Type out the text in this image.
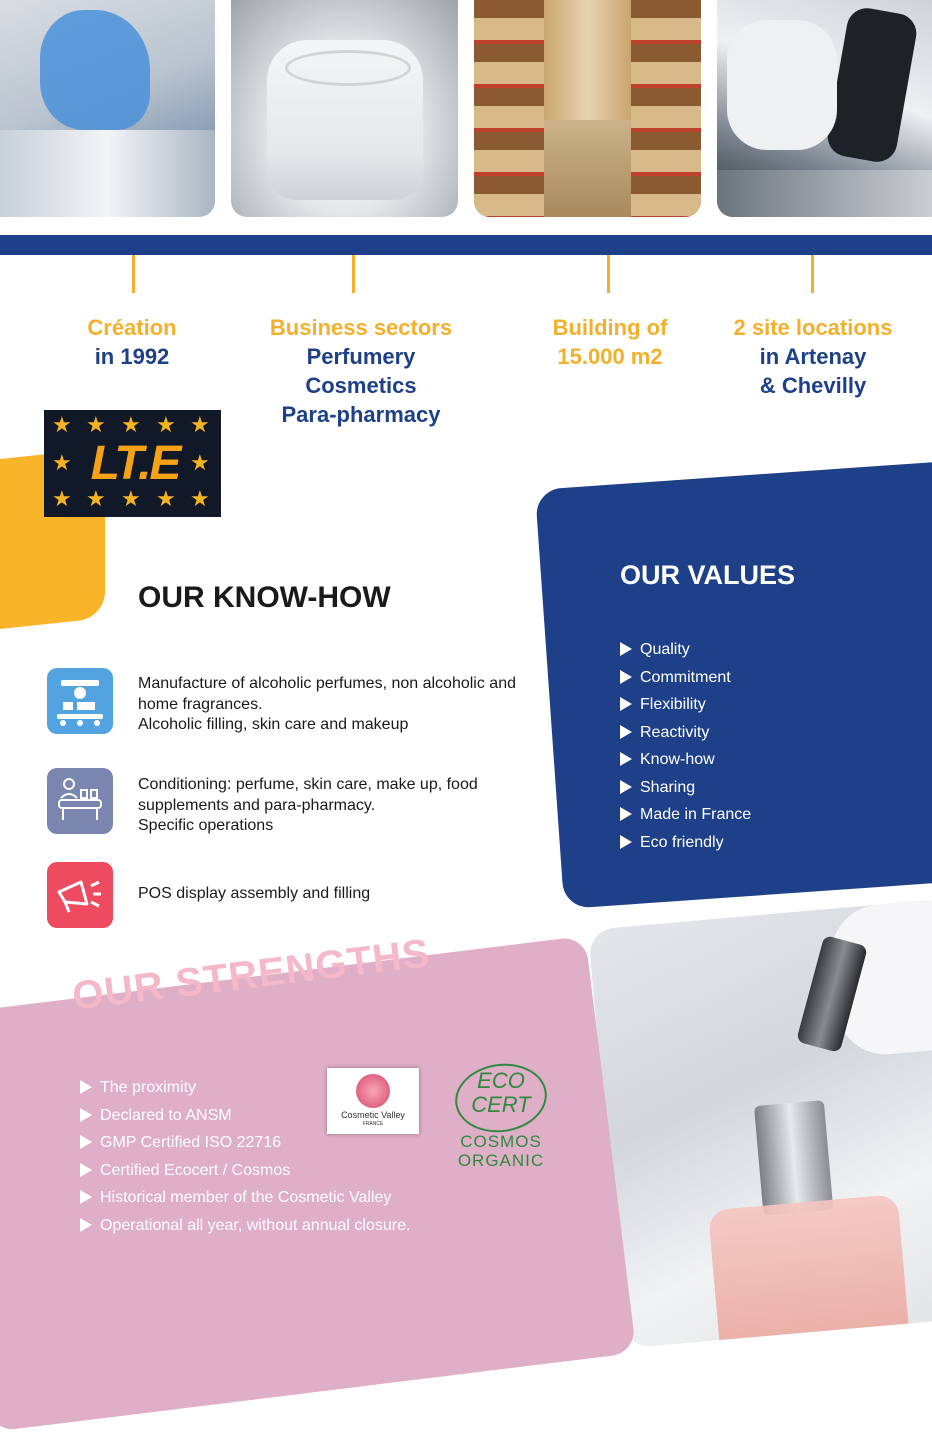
Création
in 1992
Business sectors
Perfumery
Cosmetics
Para-pharmacy
Building of
15.000 m2
2 site locations
in Artenay
& Chevilly
★ ★ ★ ★ ★
★	★
★ ★ ★ ★ ★
LT.E
OUR KNOW-HOW
Manufacture of alcoholic perfumes, non alcoholic and home fragrances.
Alcoholic filling, skin care and makeup
Conditioning: perfume, skin care, make up, food supplements and para-pharmacy.
Specific operations
POS display assembly and filling
OUR VALUES
Quality
Commitment
Flexibility
Reactivity
Know-how
Sharing
Made in France
Eco friendly
OUR STRENGTHS
The proximity
Declared to ANSM
GMP Certified ISO 22716
Certified Ecocert / Cosmos
Historical member of the Cosmetic Valley
Operational all year, without annual closure.
Cosmetic Valley
FRANCE
ECO
CERT
COSMOS
ORGANIC
